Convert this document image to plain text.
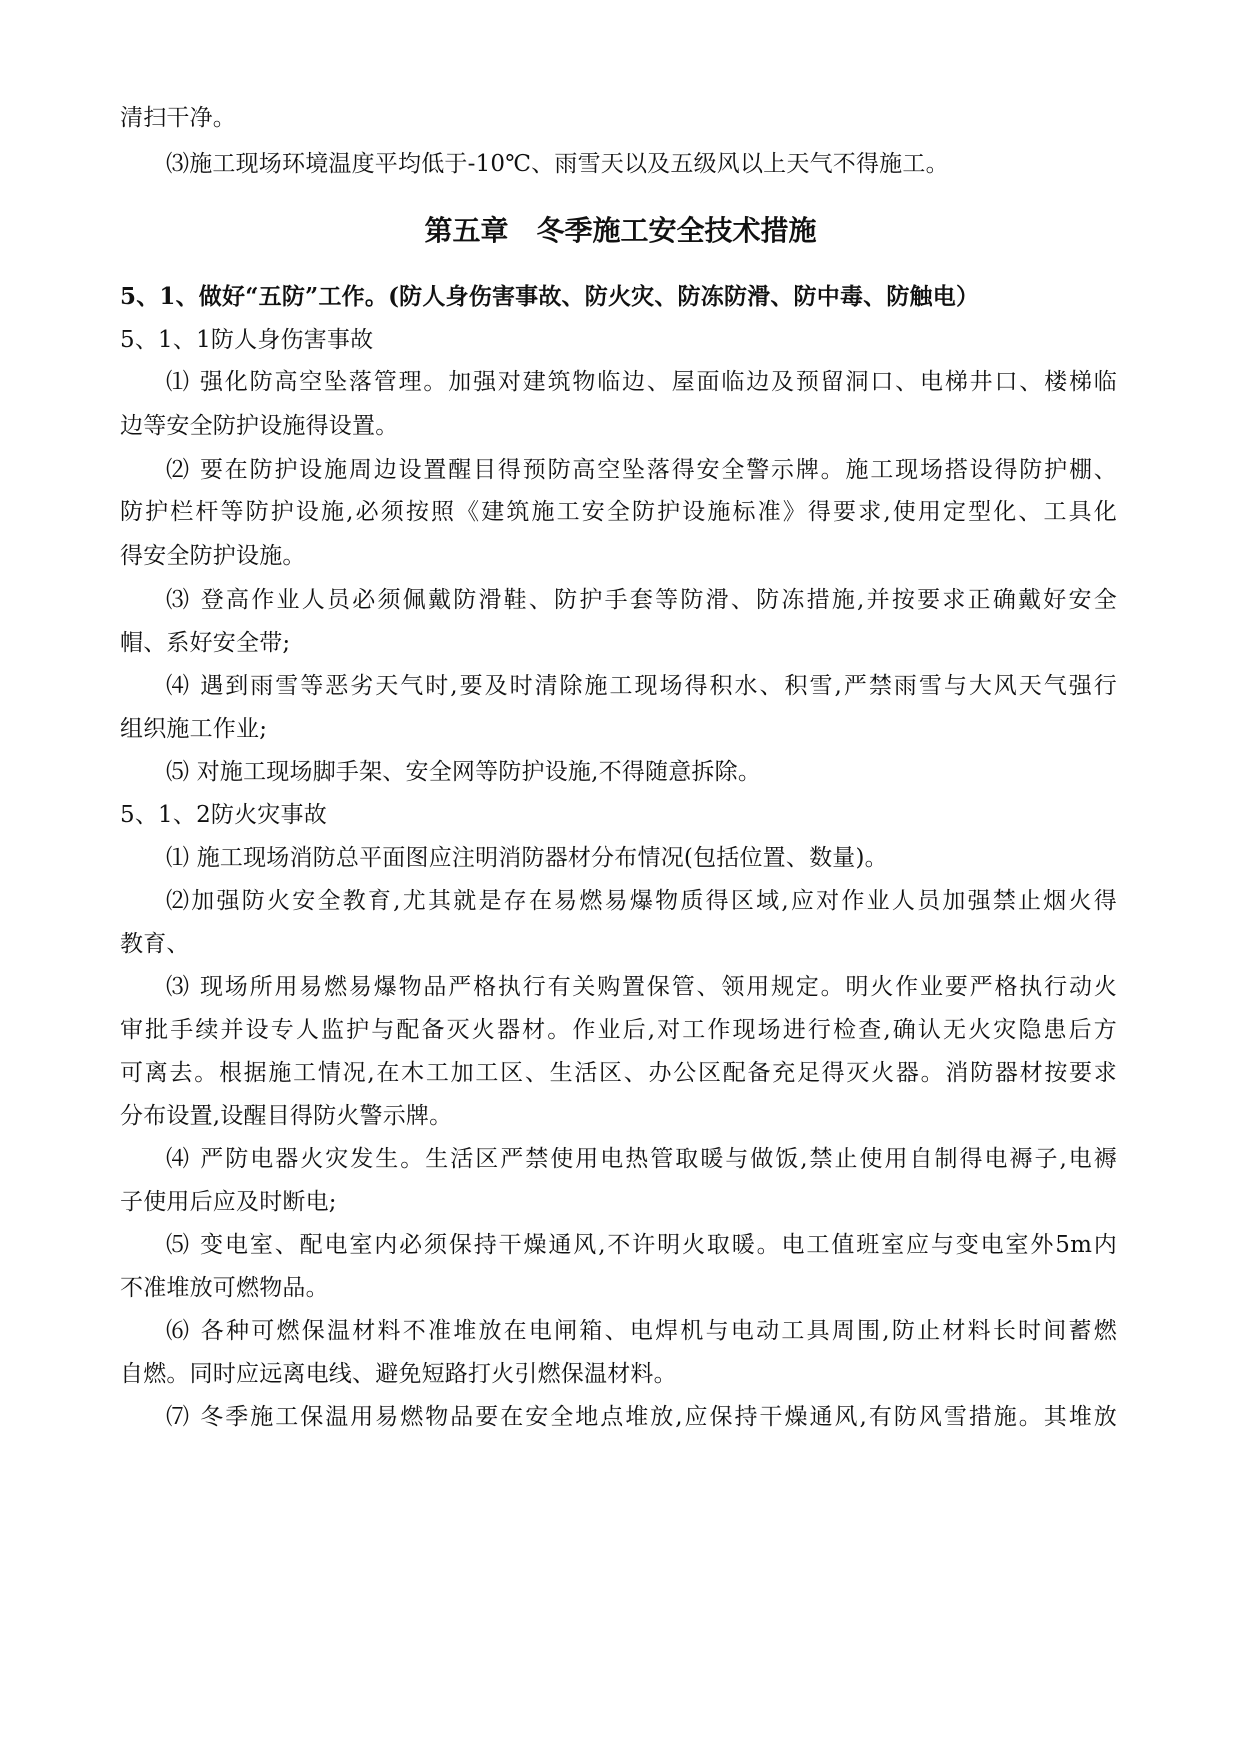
清扫干净。
⑶施工现场环境温度平均低于-10℃、雨雪天以及五级风以上天气不得施工。
第五章　冬季施工安全技术措施
5、1、做好“五防”工作。(防人身伤害事故、防火灾、防冻防滑、防中毒、防触电）
5、1、1防人身伤害事故
⑴ 强化防高空坠落管理。加强对建筑物临边、屋面临边及预留洞口、电梯井口、楼梯临
边等安全防护设施得设置。
⑵ 要在防护设施周边设置醒目得预防高空坠落得安全警示牌。施工现场搭设得防护棚、
防护栏杆等防护设施,必须按照《建筑施工安全防护设施标准》得要求,使用定型化、工具化
得安全防护设施。
⑶ 登高作业人员必须佩戴防滑鞋、防护手套等防滑、防冻措施,并按要求正确戴好安全
帽、系好安全带;
⑷ 遇到雨雪等恶劣天气时,要及时清除施工现场得积水、积雪,严禁雨雪与大风天气强行
组织施工作业;
⑸ 对施工现场脚手架、安全网等防护设施,不得随意拆除。
5、1、2防火灾事故
⑴ 施工现场消防总平面图应注明消防器材分布情况(包括位置、数量)。
⑵加强防火安全教育,尤其就是存在易燃易爆物质得区域,应对作业人员加强禁止烟火得
教育、
⑶ 现场所用易燃易爆物品严格执行有关购置保管、领用规定。明火作业要严格执行动火
审批手续并设专人监护与配备灭火器材。作业后,对工作现场进行检查,确认无火灾隐患后方
可离去。根据施工情况,在木工加工区、生活区、办公区配备充足得灭火器。消防器材按要求
分布设置,设醒目得防火警示牌。
⑷ 严防电器火灾发生。生活区严禁使用电热管取暖与做饭,禁止使用自制得电褥子,电褥
子使用后应及时断电;
⑸ 变电室、配电室内必须保持干燥通风,不许明火取暖。电工值班室应与变电室外5m内
不准堆放可燃物品。
⑹ 各种可燃保温材料不准堆放在电闸箱、电焊机与电动工具周围,防止材料长时间蓄燃
自燃。同时应远离电线、避免短路打火引燃保温材料。
⑺ 冬季施工保温用易燃物品要在安全地点堆放,应保持干燥通风,有防风雪措施。其堆放
